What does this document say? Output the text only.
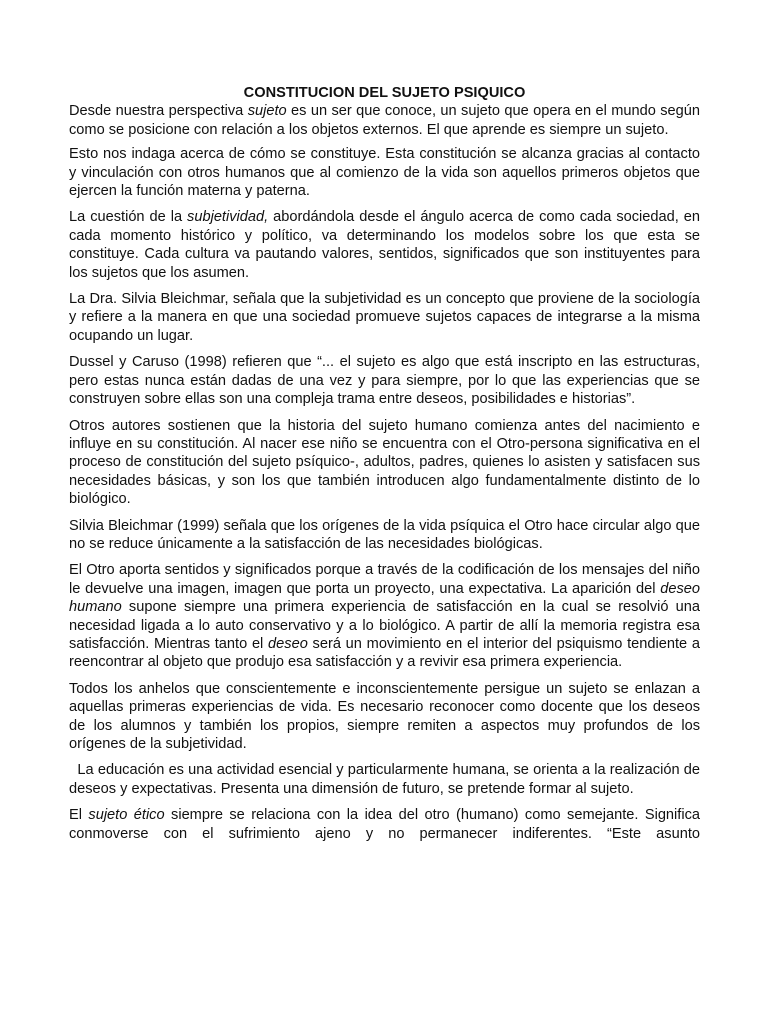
CONSTITUCION DEL SUJETO PSIQUICO

Desde nuestra perspectiva sujeto es un ser que conoce, un sujeto que opera en el mundo según como se posicione con relación a los objetos externos. El que aprende es siempre un sujeto.

Esto nos indaga acerca de cómo se constituye. Esta constitución se alcanza gracias al contacto y vinculación con otros humanos que al comienzo de la vida son aquellos primeros objetos que ejercen la función materna y paterna.

La cuestión de la subjetividad, abordándola desde el ángulo acerca de como cada sociedad, en cada momento histórico y político, va determinando los modelos sobre los que esta se constituye. Cada cultura va pautando valores, sentidos, significados que son instituyentes para los sujetos que los asumen.

La Dra. Silvia Bleichmar, señala que la subjetividad es un concepto que proviene de la sociología y refiere a la manera en que una sociedad promueve sujetos capaces de integrarse a la misma ocupando un lugar.

Dussel y Caruso (1998) refieren que “... el sujeto es algo que está inscripto en las estructuras, pero estas nunca están dadas de una vez y para siempre, por lo que las experiencias que se construyen sobre ellas son una compleja trama entre deseos, posibilidades e historias”.

Otros autores sostienen que la historia del sujeto humano comienza antes del nacimiento e influye en su constitución. Al nacer ese niño se encuentra con el Otro-persona significativa en el proceso de constitución del sujeto psíquico-, adultos, padres, quienes lo asisten y satisfacen sus necesidades básicas, y son los que también introducen algo fundamentalmente distinto de lo biológico.

Silvia Bleichmar (1999) señala que los orígenes de la vida psíquica el Otro hace circular algo que no se reduce únicamente a la satisfacción de las necesidades biológicas.

El Otro aporta sentidos y significados porque a través de la codificación de los mensajes del niño le devuelve una imagen, imagen que porta un proyecto, una expectativa. La aparición del deseo humano supone siempre una primera experiencia de satisfacción en la cual se resolvió una necesidad ligada a lo auto conservativo y a lo biológico. A partir de allí la memoria registra esa satisfacción. Mientras tanto el deseo será un movimiento en el interior del psiquismo tendiente a reencontrar al objeto que produjo esa satisfacción y a revivir esa primera experiencia.

Todos los anhelos que conscientemente e inconscientemente persigue un sujeto se enlazan a aquellas primeras experiencias de vida. Es necesario reconocer como docente que los deseos de los alumnos y también los propios, siempre remiten a aspectos muy profundos de los orígenes de la subjetividad.

La educación es una actividad esencial y particularmente humana, se orienta a la realización de deseos y expectativas. Presenta una dimensión de futuro, se pretende formar al sujeto.

El sujeto ético siempre se relaciona con la idea del otro (humano) como semejante. Significa conmoverse con el sufrimiento ajeno y no permanecer indiferentes. “Este asunto
